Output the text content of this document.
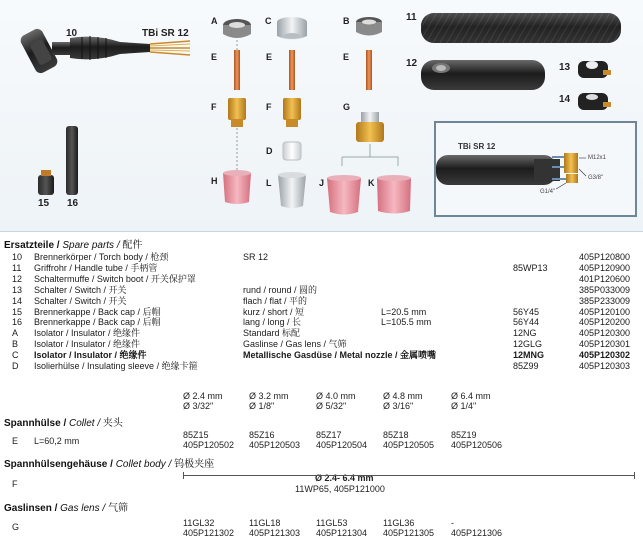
TBi SR 12
M12x1
G3/8"
G1/4"
10	TBi SR 12
A	C	B	11
12	13
14
15 16
E	E	E
F	F	G
D
H	L	J	K
Ersatzteile / Spare parts / 配件
10 Brennerkörper / Torch body / 枪颈	SR 12	405P120800
11 Griffrohr / Handle tube / 手柄管	85WP13	405P120900
12 Schaltermuffe / Switch boot / 开关保护罩	401P120600
13 Schalter / Switch / 开关	rund / round / 圆的	385P033009
14 Schalter / Switch / 开关	flach / flat / 平的	385P233009
15 Brennerkappe / Back cap / 后帽	kurz / short / 短	L=20.5 mm	56Y45	405P120100
16 Brennerkappe / Back cap / 后帽	lang / long / 长	L=105.5 mm	56Y44	405P120200
A Isolator / Insulator / 绝缘件	Standard 标配	12NG	405P120300
B Isolator / Insulator / 绝缘件	Gaslinse / Gas lens / 气筛	12GLG	405P120301
C Isolator / Insulator / 绝缘件	Metallische Gasdüse / Metal nozzle / 金属喷嘴	12MNG	405P120302
D Isolierhülse / Insulating sleeve / 绝缘卡箍	85Z99	405P120303
Ø 2.4 mm	Ø 3.2 mm	Ø 4.0 mm	Ø 4.8 mm	Ø 6.4 mm
Ø 3/32"	Ø 1/8"	Ø 5/32"	Ø 3/16"	Ø 1/4"
Spannhülse / Collet / 夹头
E L=60,2 mm
85Z15	85Z16	85Z17	85Z18	85Z19
405P120502 405P120503 405P120504 405P120505 405P120506
Spannhülsengehäuse / Collet body / 钨极夹座
F
Ø 2.4- 6.4 mm
11WP65, 405P121000
Gaslinsen / Gas lens / 气筛
G	11GL32	11GL18	11GL53	11GL36	-
405P121302 405P121303 405P121304 405P121305 405P121306
